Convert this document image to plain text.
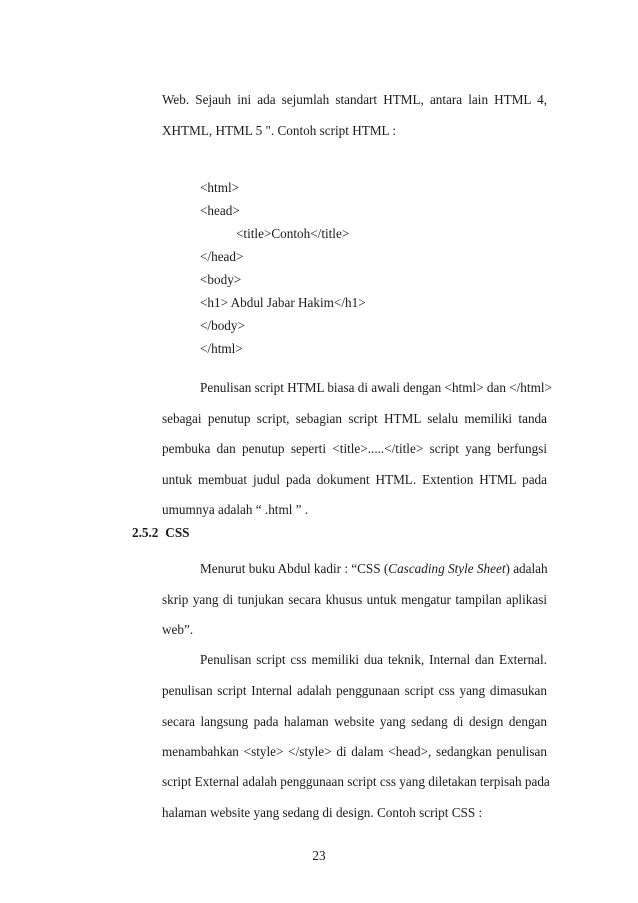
Web. Sejauh ini ada sejumlah standart HTML, antara lain HTML 4,
XHTML, HTML 5 ". Contoh script HTML :
<html>
<head>
<title>Contoh</title>
</head>
<body>
<h1> Abdul Jabar Hakim</h1>
</body>
</html>
Penulisan script HTML biasa di awali dengan <html> dan </html>
sebagai penutup script, sebagian script HTML selalu memiliki tanda
pembuka dan penutup seperti <title>.....</title> script yang berfungsi
untuk membuat judul pada dokument HTML. Extention HTML pada
umumnya adalah “ .html ” .
2.5.2 CSS
Menurut buku Abdul kadir : “CSS (Cascading Style Sheet) adalah
skrip yang di tunjukan secara khusus untuk mengatur tampilan aplikasi
web”.
Penulisan script css memiliki dua teknik, Internal dan External.
penulisan script Internal adalah penggunaan script css yang dimasukan
secara langsung pada halaman website yang sedang di design dengan
menambahkan <style> </style> di dalam <head>, sedangkan penulisan
script External adalah penggunaan script css yang diletakan terpisah pada
halaman website yang sedang di design. Contoh script CSS :
23
